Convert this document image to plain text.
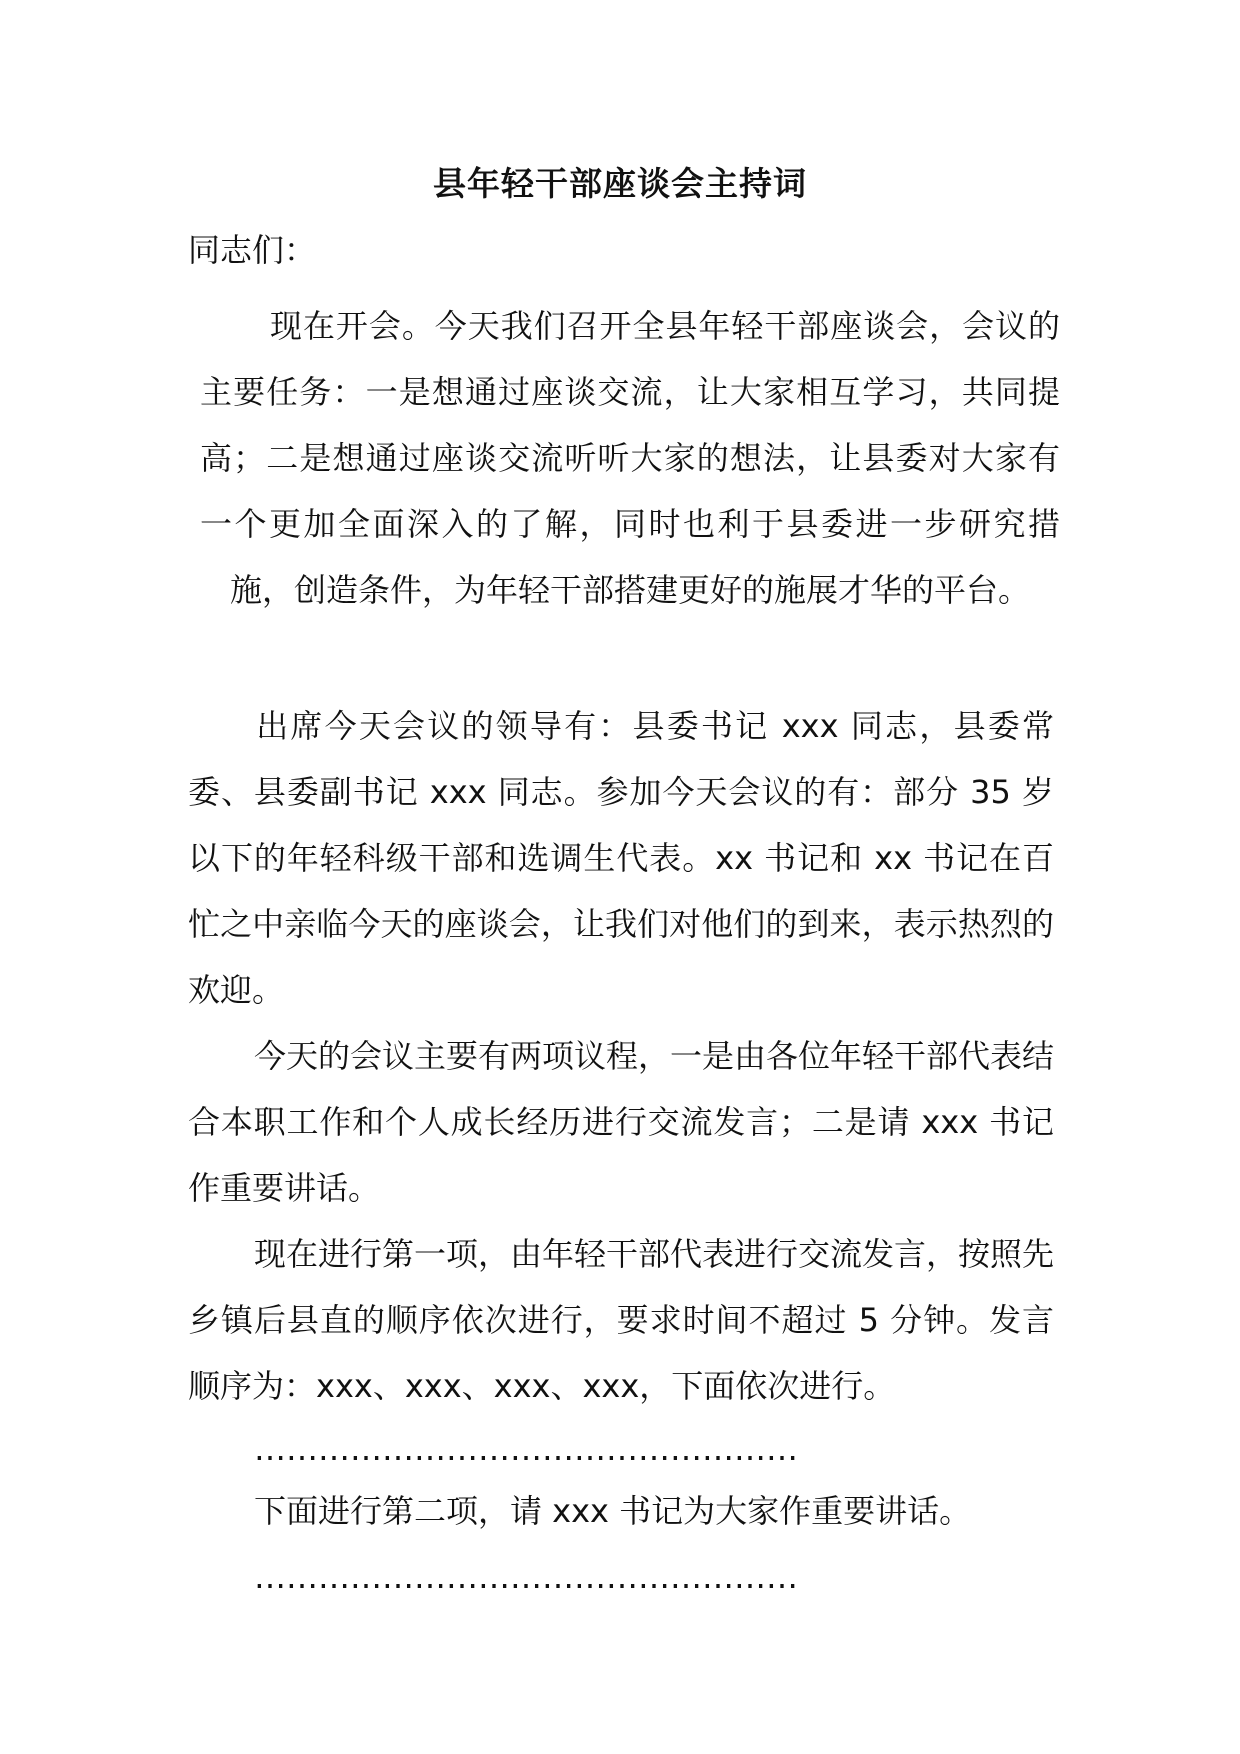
县年轻干部座谈会主持词
同志们：

现在开会。今天我们召开全县年轻干部座谈会，会议的主要任务：一是想通过座谈交流，让大家相互学习，共同提高；二是想通过座谈交流听听大家的想法，让县委对大家有一个更加全面深入的了解，同时也利于县委进一步研究措施，创造条件，为年轻干部搭建更好的施展才华的平台。

出席今天会议的领导有：县委书记 xxx 同志，县委常委、县委副书记 xxx 同志。参加今天会议的有：部分 35 岁以下的年轻科级干部和选调生代表。xx 书记和 xx 书记在百忙之中亲临今天的座谈会，让我们对他们的到来，表示热烈的欢迎。

今天的会议主要有两项议程，一是由各位年轻干部代表结合本职工作和个人成长经历进行交流发言；二是请 xxx 书记作重要讲话。

现在进行第一项，由年轻干部代表进行交流发言，按照先乡镇后县直的顺序依次进行，要求时间不超过 5 分钟。发言顺序为：xxx、xxx、xxx、xxx，下面依次进行。

……………………………………………
下面进行第二项，请 xxx 书记为大家作重要讲话。
……………………………………………
